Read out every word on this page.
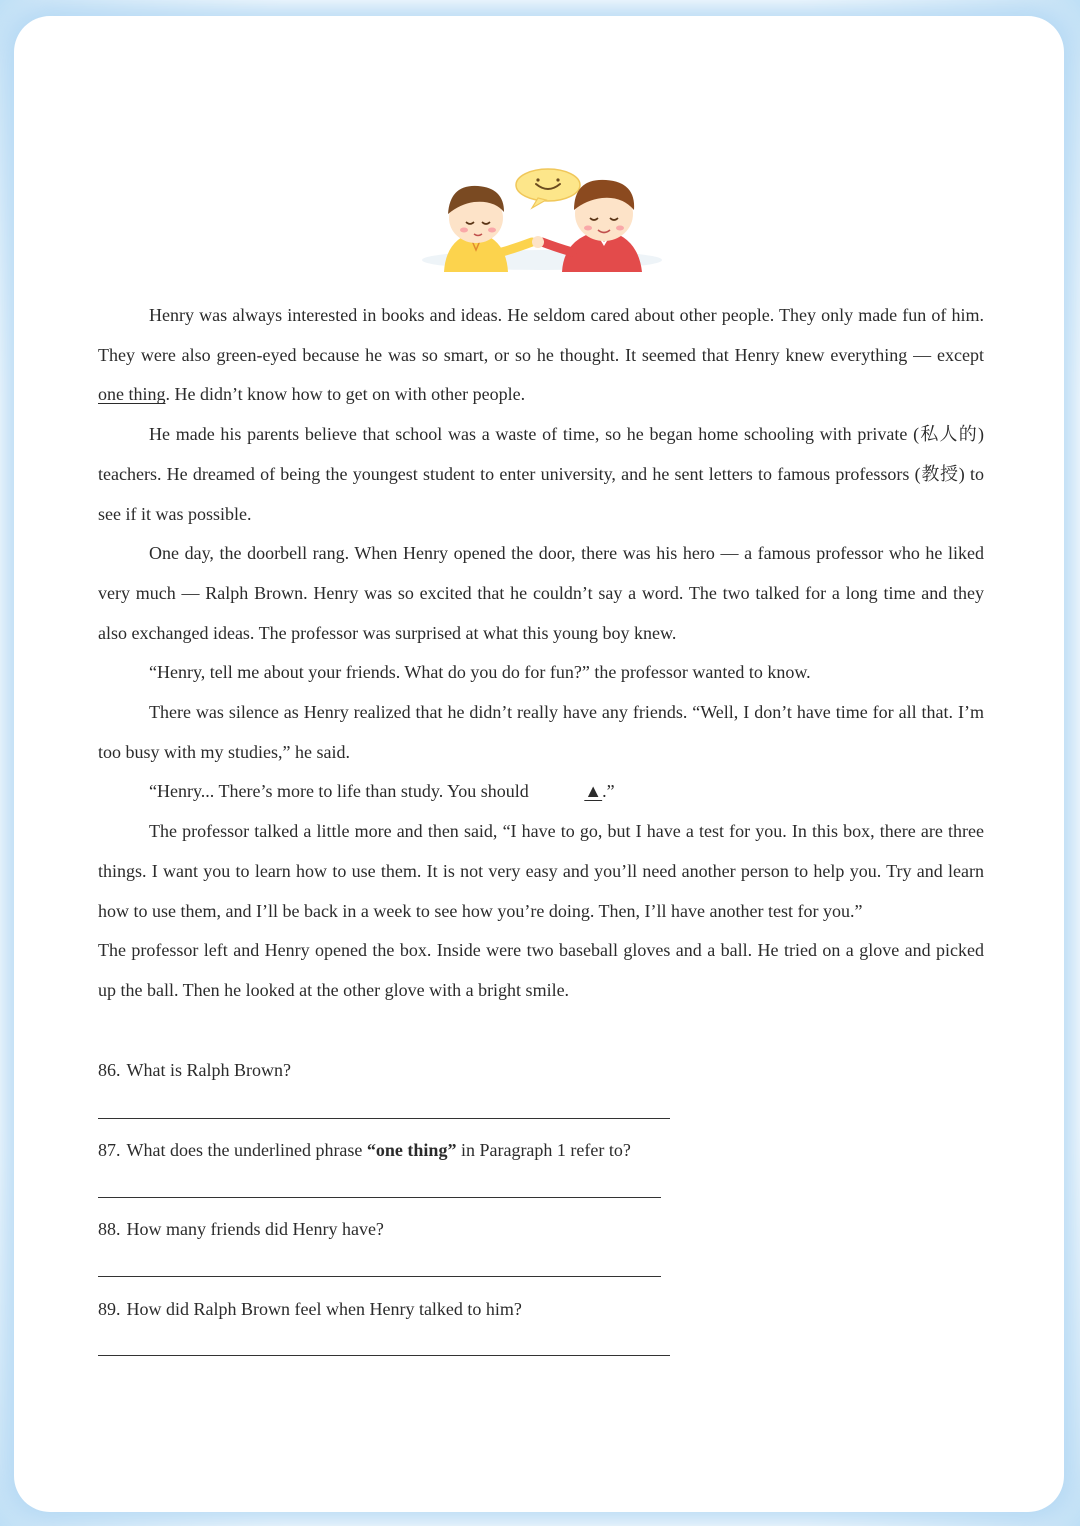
Henry was always interested in books and ideas. He seldom cared about other people. They only made fun of him. They were also green-eyed because he was so smart, or so he thought. It seemed that Henry knew everything — except one thing. He didn’t know how to get on with other people.

He made his parents believe that school was a waste of time, so he began home schooling with private (私人的) teachers. He dreamed of being the youngest student to enter university, and he sent letters to famous professors (教授) to see if it was possible.

One day, the doorbell rang. When Henry opened the door, there was his hero — a famous professor who he liked very much — Ralph Brown. Henry was so excited that he couldn’t say a word. The two talked for a long time and they also exchanged ideas. The professor was surprised at what this young boy knew.

“Henry, tell me about your friends. What do you do for fun?” the professor wanted to know.

There was silence as Henry realized that he didn’t really have any friends. “Well, I don’t have time for all that. I’m too busy with my studies,” he said.

“Henry... There’s more to life than study. You should	▲.”

The professor talked a little more and then said, “I have to go, but I have a test for you. In this box, there are three things. I want you to learn how to use them. It is not very easy and you’ll need another person to help you. Try and learn how to use them, and I’ll be back in a week to see how you’re doing. Then, I’ll have another test for you.”

The professor left and Henry opened the box. Inside were two baseball gloves and a ball. He tried on a glove and picked up the ball. Then he looked at the other glove with a bright smile.

86. What is Ralph Brown?
87. What does the underlined phrase “one thing” in Paragraph 1 refer to?
88. How many friends did Henry have?
89. How did Ralph Brown feel when Henry talked to him?
